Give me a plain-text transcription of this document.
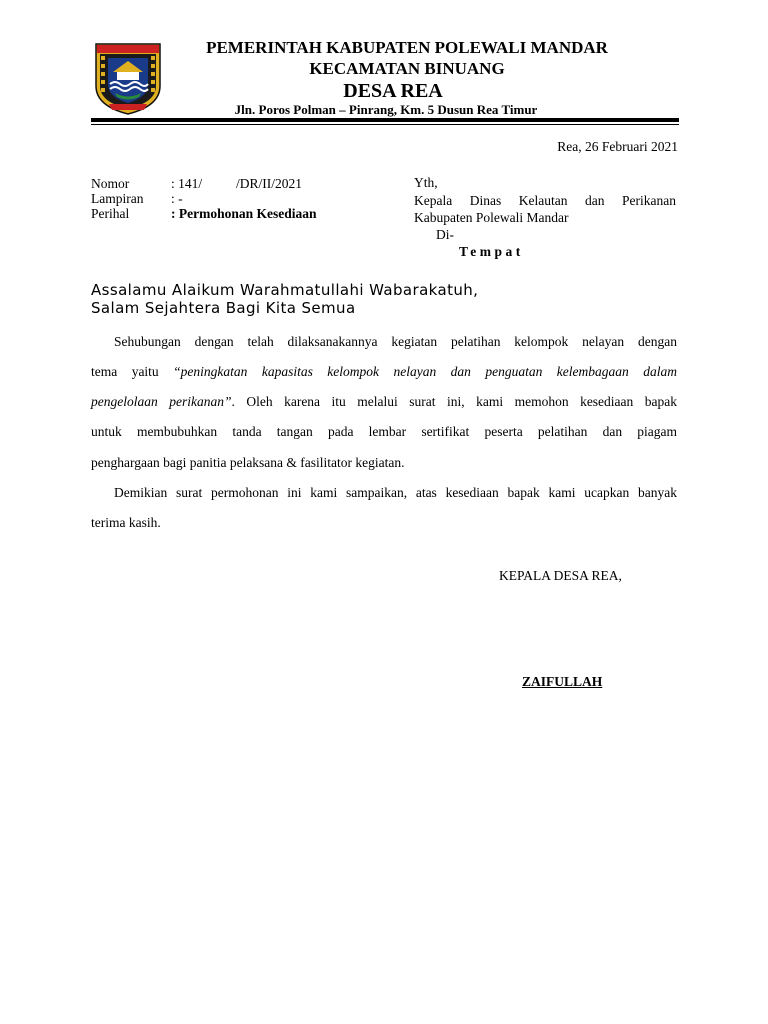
PEMERINTAH KABUPATEN POLEWALI MANDAR
KECAMATAN BINUANG
DESA REA
Jln. Poros Polman – Pinrang, Km. 5 Dusun Rea Timur
Rea, 26 Februari 2021
Nomor	: 141/	/DR/II/2021
Lampiran : -
Perihal	: Permohonan Kesediaan
Yth,
Kepala Dinas Kelautan dan Perikanan
Kabupaten Polewali Mandar
Di-
Tempat
Assalamu Alaikum Warahmatullahi Wabarakatuh,
Salam Sejahtera Bagi Kita Semua
Sehubungan dengan telah dilaksanakannya kegiatan pelatihan kelompok nelayan dengan
tema yaitu “peningkatan kapasitas kelompok nelayan dan penguatan kelembagaan dalam
pengelolaan perikanan”. Oleh karena itu melalui surat ini, kami memohon kesediaan bapak
untuk membubuhkan tanda tangan pada lembar sertifikat peserta pelatihan dan piagam
penghargaan bagi panitia pelaksana & fasilitator kegiatan.
Demikian surat permohonan ini kami sampaikan, atas kesediaan bapak kami ucapkan banyak
terima kasih.
KEPALA DESA REA,
ZAIFULLAH
